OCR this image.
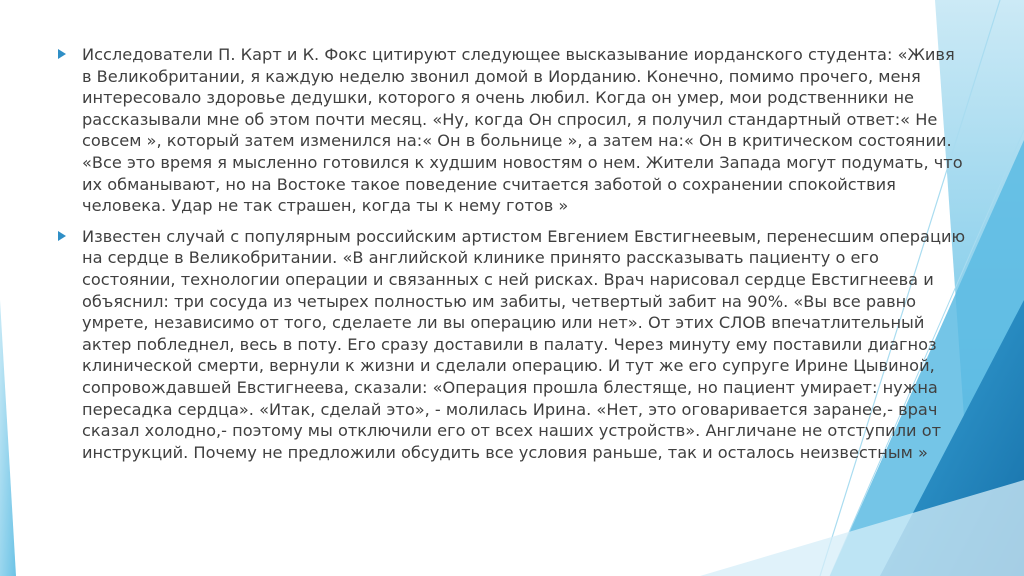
Исследователи П. Карт и К. Фокс цитируют следующее высказывание иорданского студента: «Живя в Великобритании, я каждую неделю звонил домой в Иорданию. Конечно, помимо прочего, меня интересовало здоровье дедушки, которого я очень любил. Когда он умер, мои родственники не рассказывали мне об этом почти месяц. «Ну, когда Он спросил, я получил стандартный ответ:« Не совсем », который затем изменился на:« Он в больнице », а затем на:« Он в критическом состоянии. «Все это время я мысленно готовился к худшим новостям о нем. Жители Запада могут подумать, что их обманывают, но на Востоке такое поведение считается заботой о сохранении спокойствия человека. Удар не так страшен, когда ты к нему готов »
Известен случай с популярным российским артистом Евгением Евстигнеевым, перенесшим операцию на сердце в Великобритании. «В английской клинике принято рассказывать пациенту о его состоянии, технологии операции и связанных с ней рисках. Врач нарисовал сердце Евстигнеева и объяснил: три сосуда из четырех полностью им забиты, четвертый забит на 90%. «Вы все равно умрете, независимо от того, сделаете ли вы операцию или нет». От этих СЛОВ впечатлительный актер побледнел, весь в поту. Его сразу доставили в палату. Через минуту ему поставили диагноз клинической смерти, вернули к жизни и сделали операцию. И тут же его супруге Ирине Цывиной, сопровождавшей Евстигнеева, сказали: «Операция прошла блестяще, но пациент умирает: нужна пересадка сердца». «Итак, сделай это», - молилась Ирина. «Нет, это оговаривается заранее,- врач сказал холодно,- поэтому мы отключили его от всех наших устройств». Англичане не отступили от инструкций. Почему не предложили обсудить все условия раньше, так и осталось неизвестным »
